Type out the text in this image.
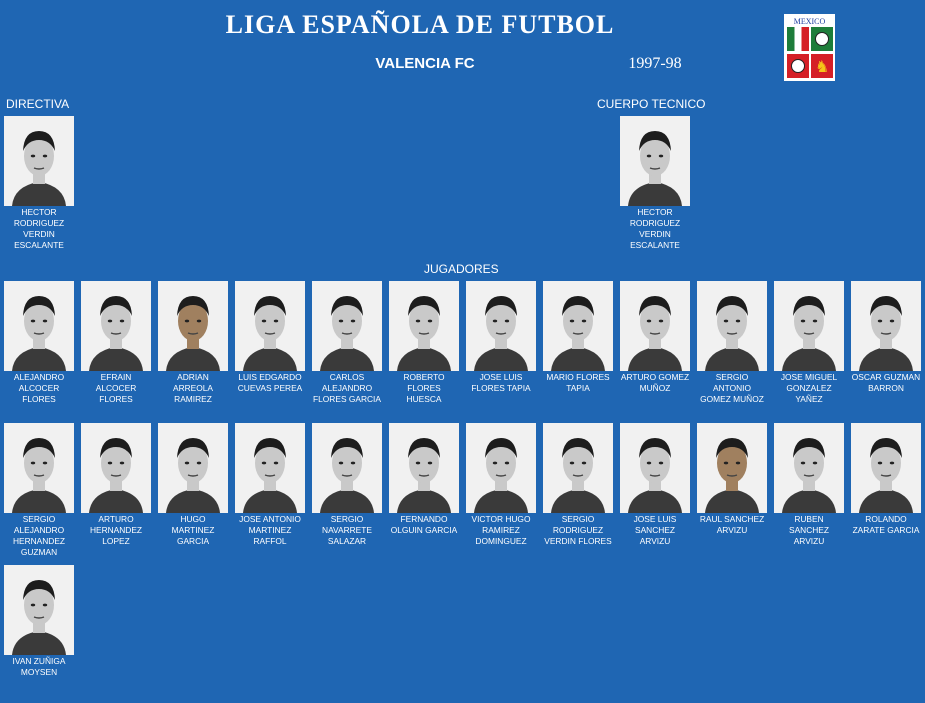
LIGA ESPAÑOLA DE FUTBOL
VALENCIA FC	1997-98
MEXICO
♞
DIRECTIVA	CUERPO TECNICO
JUGADORES
HECTOR RODRIGUEZ VERDIN ESCALANTE
HECTOR RODRIGUEZ VERDIN ESCALANTE
ALEJANDRO ALCOCER FLORES
EFRAIN ALCOCER FLORES
ADRIAN ARREOLA RAMIREZ
LUIS EDGARDO CUEVAS PEREA
CARLOS ALEJANDRO FLORES GARCIA
ROBERTO FLORES HUESCA
JOSE LUIS FLORES TAPIA
MARIO FLORES TAPIA
ARTURO GOMEZ MUÑOZ
SERGIO ANTONIO GOMEZ MUÑOZ
JOSE MIGUEL GONZALEZ YAÑEZ
OSCAR GUZMAN BARRON
SERGIO ALEJANDRO HERNANDEZ GUZMAN
ARTURO HERNANDEZ LOPEZ
HUGO MARTINEZ GARCIA
JOSE ANTONIO MARTINEZ RAFFOL
SERGIO NAVARRETE SALAZAR
FERNANDO OLGUIN GARCIA
VICTOR HUGO RAMIREZ DOMINGUEZ
SERGIO RODRIGUEZ VERDIN FLORES
JOSE LUIS SANCHEZ ARVIZU
RAUL SANCHEZ ARVIZU
RUBEN SANCHEZ ARVIZU
ROLANDO ZARATE GARCIA
IVAN ZUÑIGA MOYSEN
